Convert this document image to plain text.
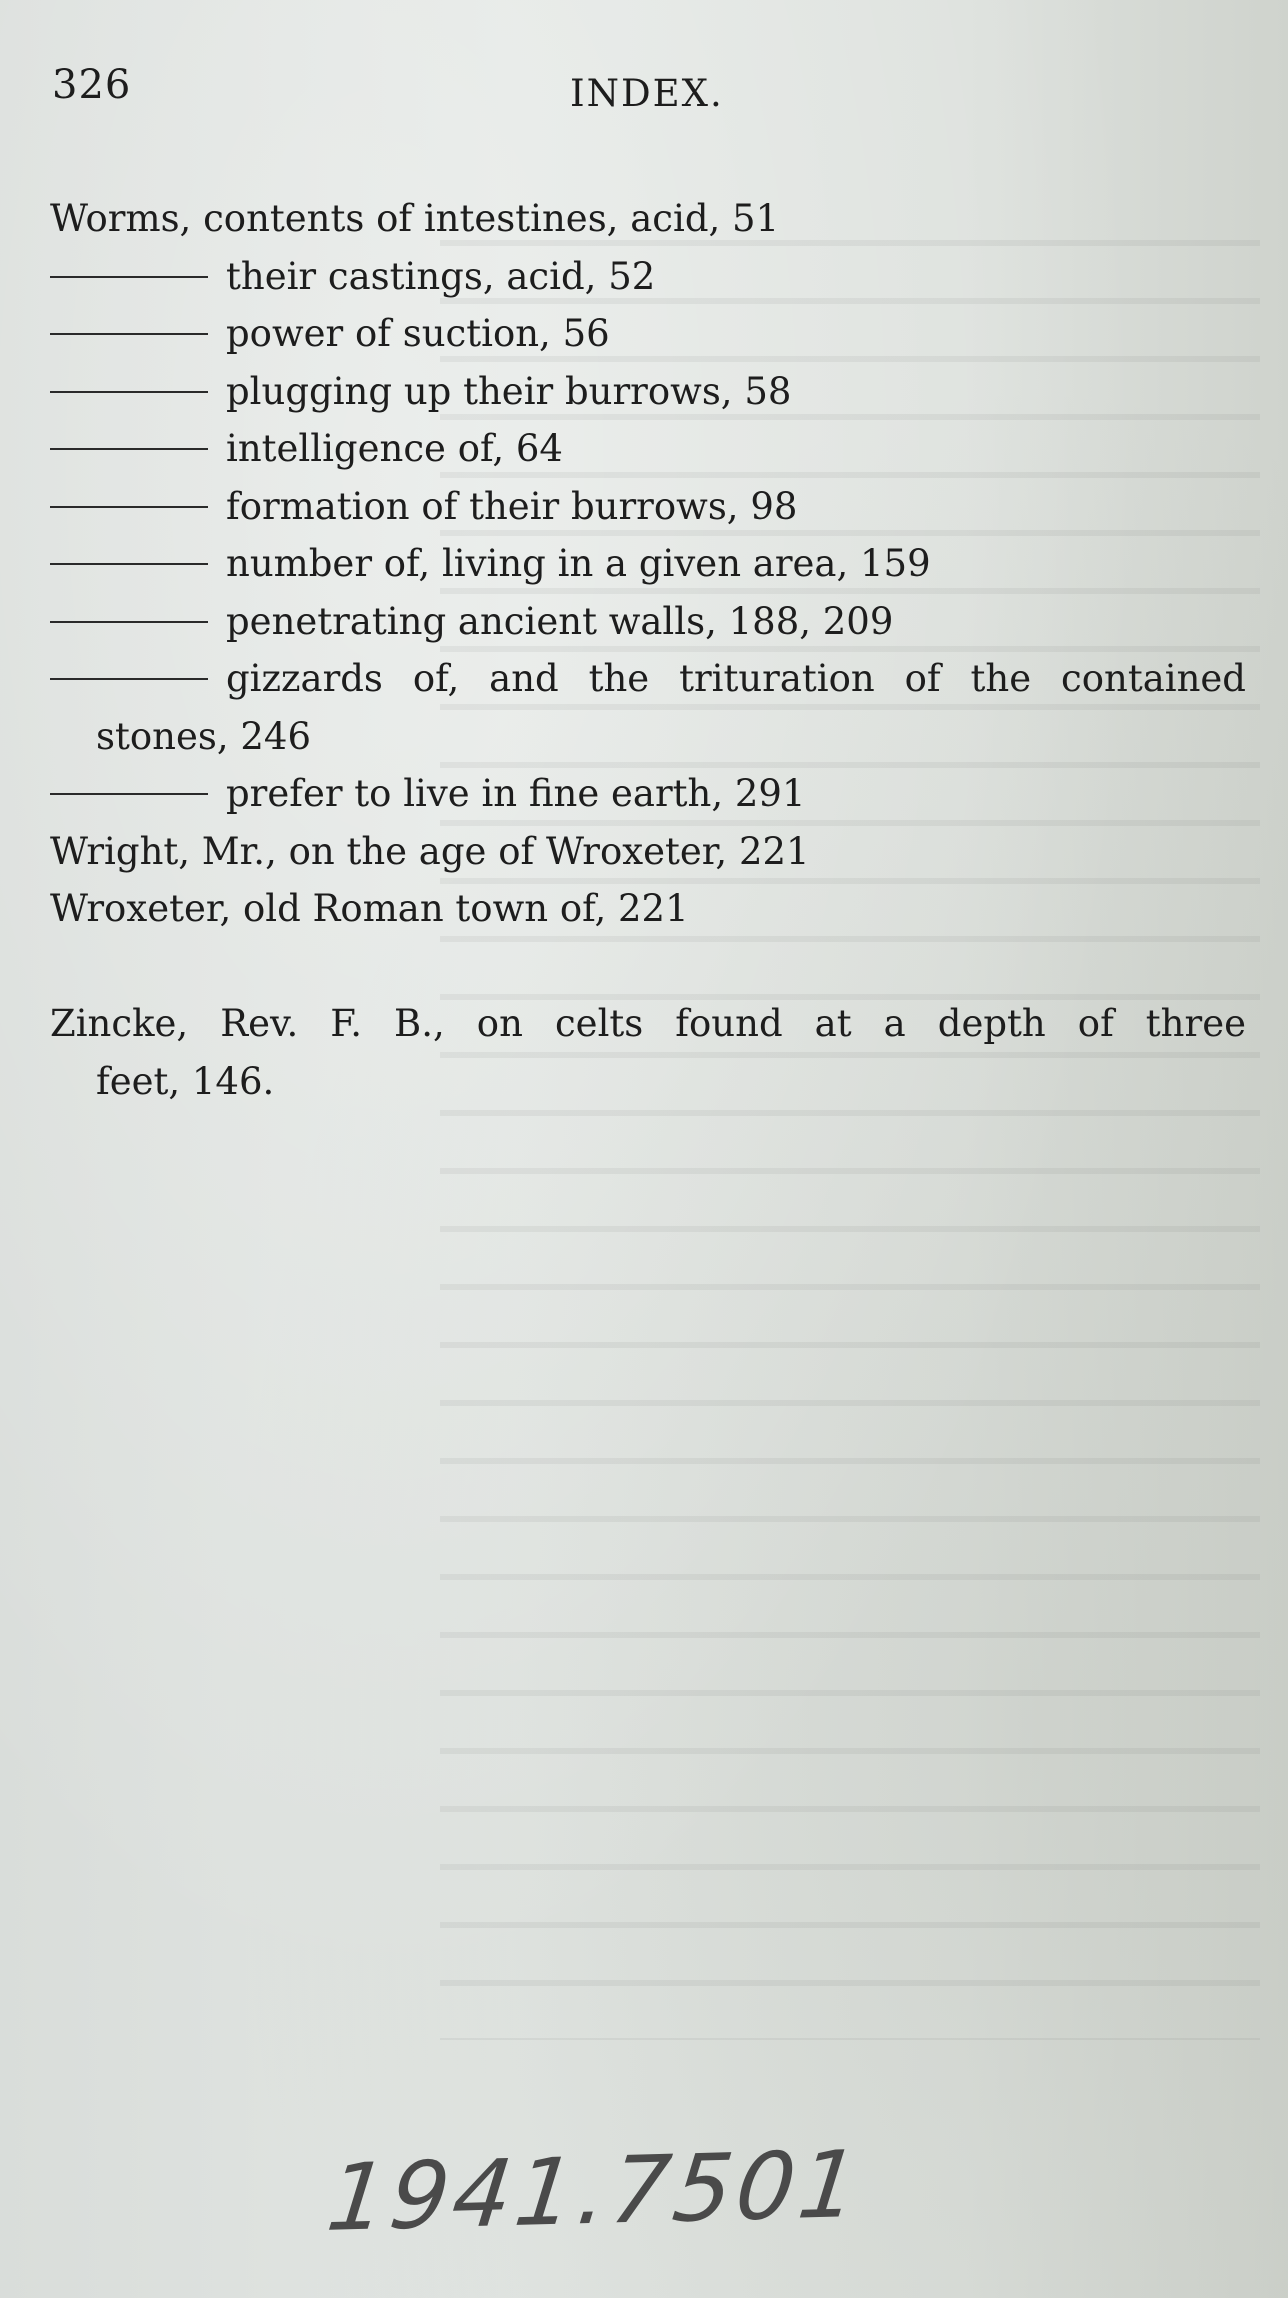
326	INDEX.
Worms, contents of intestines, acid, 51
their castings, acid, 52
power of suction, 56
plugging up their burrows, 58
intelligence of, 64
formation of their burrows, 98
number of, living in a given area, 159
penetrating ancient walls, 188, 209
gizzards of, and the trituration of the contained
stones, 246
prefer to live in fine earth, 291
Wright, Mr., on the age of Wroxeter, 221
Wroxeter, old Roman town of, 221
Zincke, Rev. F. B., on celts found at a depth of three
feet, 146.
1941.7501
